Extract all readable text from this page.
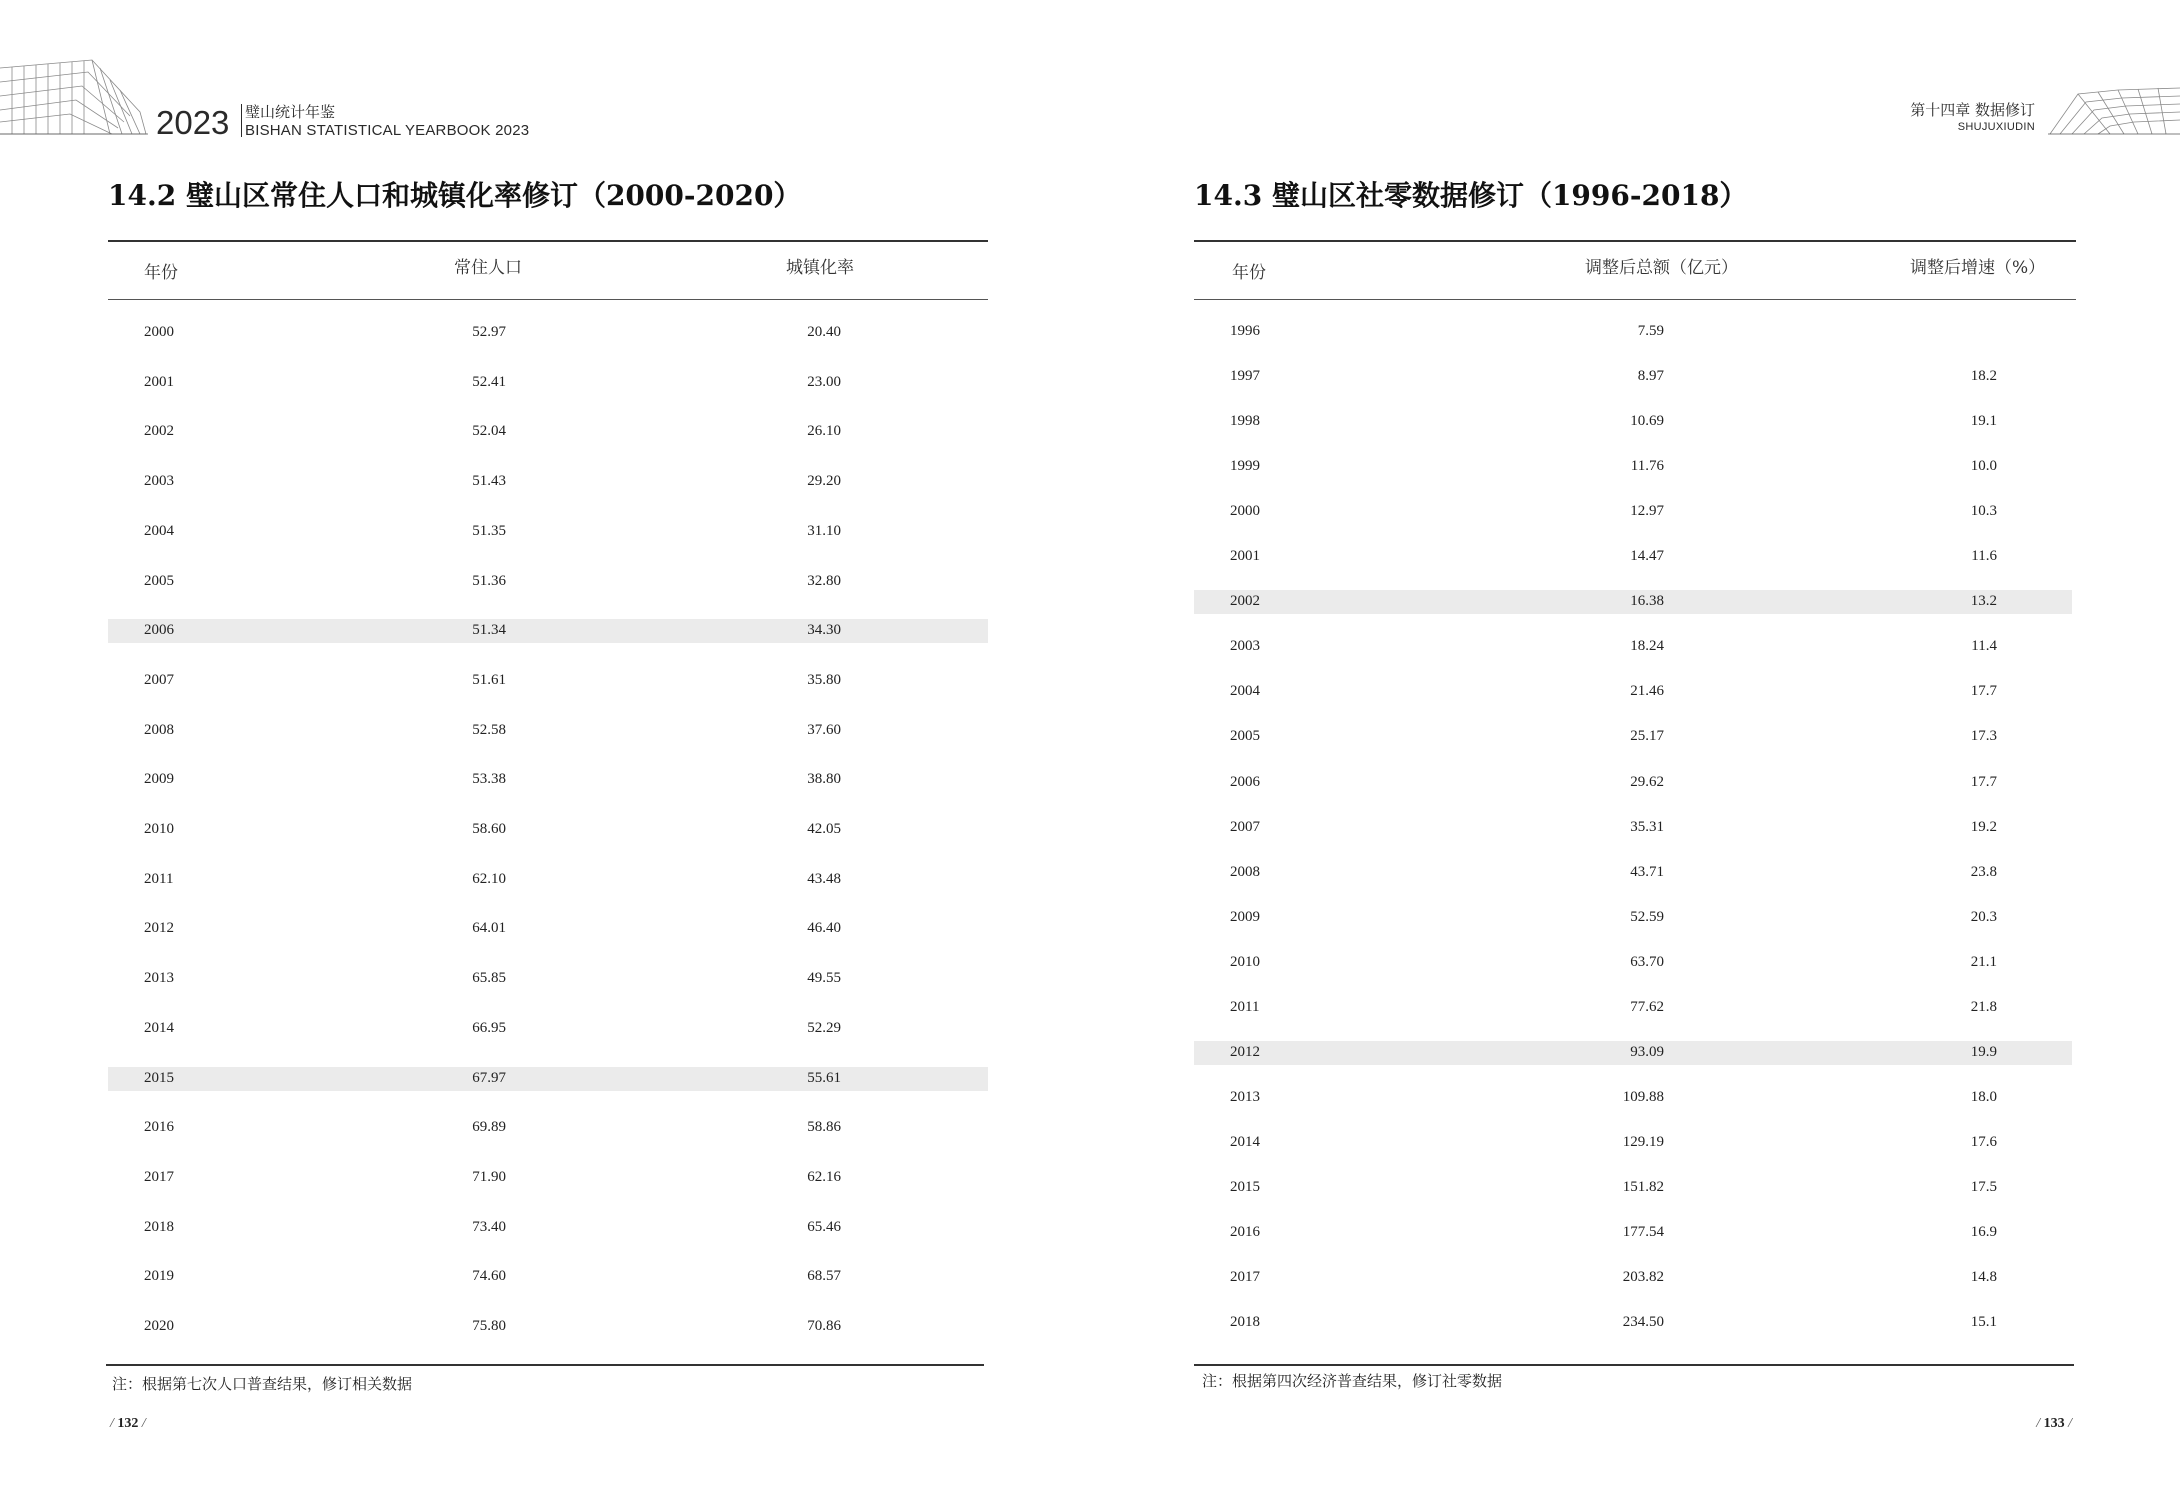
2023 璧山统计年鉴
BISHAN STATISTICAL YEARBOOK 2023
第十四章 数据修订
SHUJUXIUDIN
14.2 璧山区常住人口和城镇化率修订（2000-2020）
年份	常住人口	城镇化率
2000	52.97	20.40
2001	52.41	23.00
2002	52.04	26.10
2003	51.43	29.20
2004	51.35	31.10
2005	51.36	32.80
2006	51.34	34.30
2007	51.61	35.80
2008	52.58	37.60
2009	53.38	38.80
2010	58.60	42.05
2011	62.10	43.48
2012	64.01	46.40
2013	65.85	49.55
2014	66.95	52.29
2015	67.97	55.61
2016	69.89	58.86
2017	71.90	62.16
2018	73.40	65.46
2019	74.60	68.57
2020	75.80	70.86
注：根据第七次人口普查结果，修订相关数据
/ 132 /
14.3 璧山区社零数据修订（1996-2018）
年份	调整后总额（亿元）	调整后增速（%）
1996	7.59
1997	8.97	18.2
1998	10.69	19.1
1999	11.76	10.0
2000	12.97	10.3
2001	14.47	11.6
2002	16.38	13.2
2003	18.24	11.4
2004	21.46	17.7
2005	25.17	17.3
2006	29.62	17.7
2007	35.31	19.2
2008	43.71	23.8
2009	52.59	20.3
2010	63.70	21.1
2011	77.62	21.8
2012	93.09	19.9
2013	109.88	18.0
2014	129.19	17.6
2015	151.82	17.5
2016	177.54	16.9
2017	203.82	14.8
2018	234.50	15.1
注：根据第四次经济普查结果，修订社零数据
/ 133 /
